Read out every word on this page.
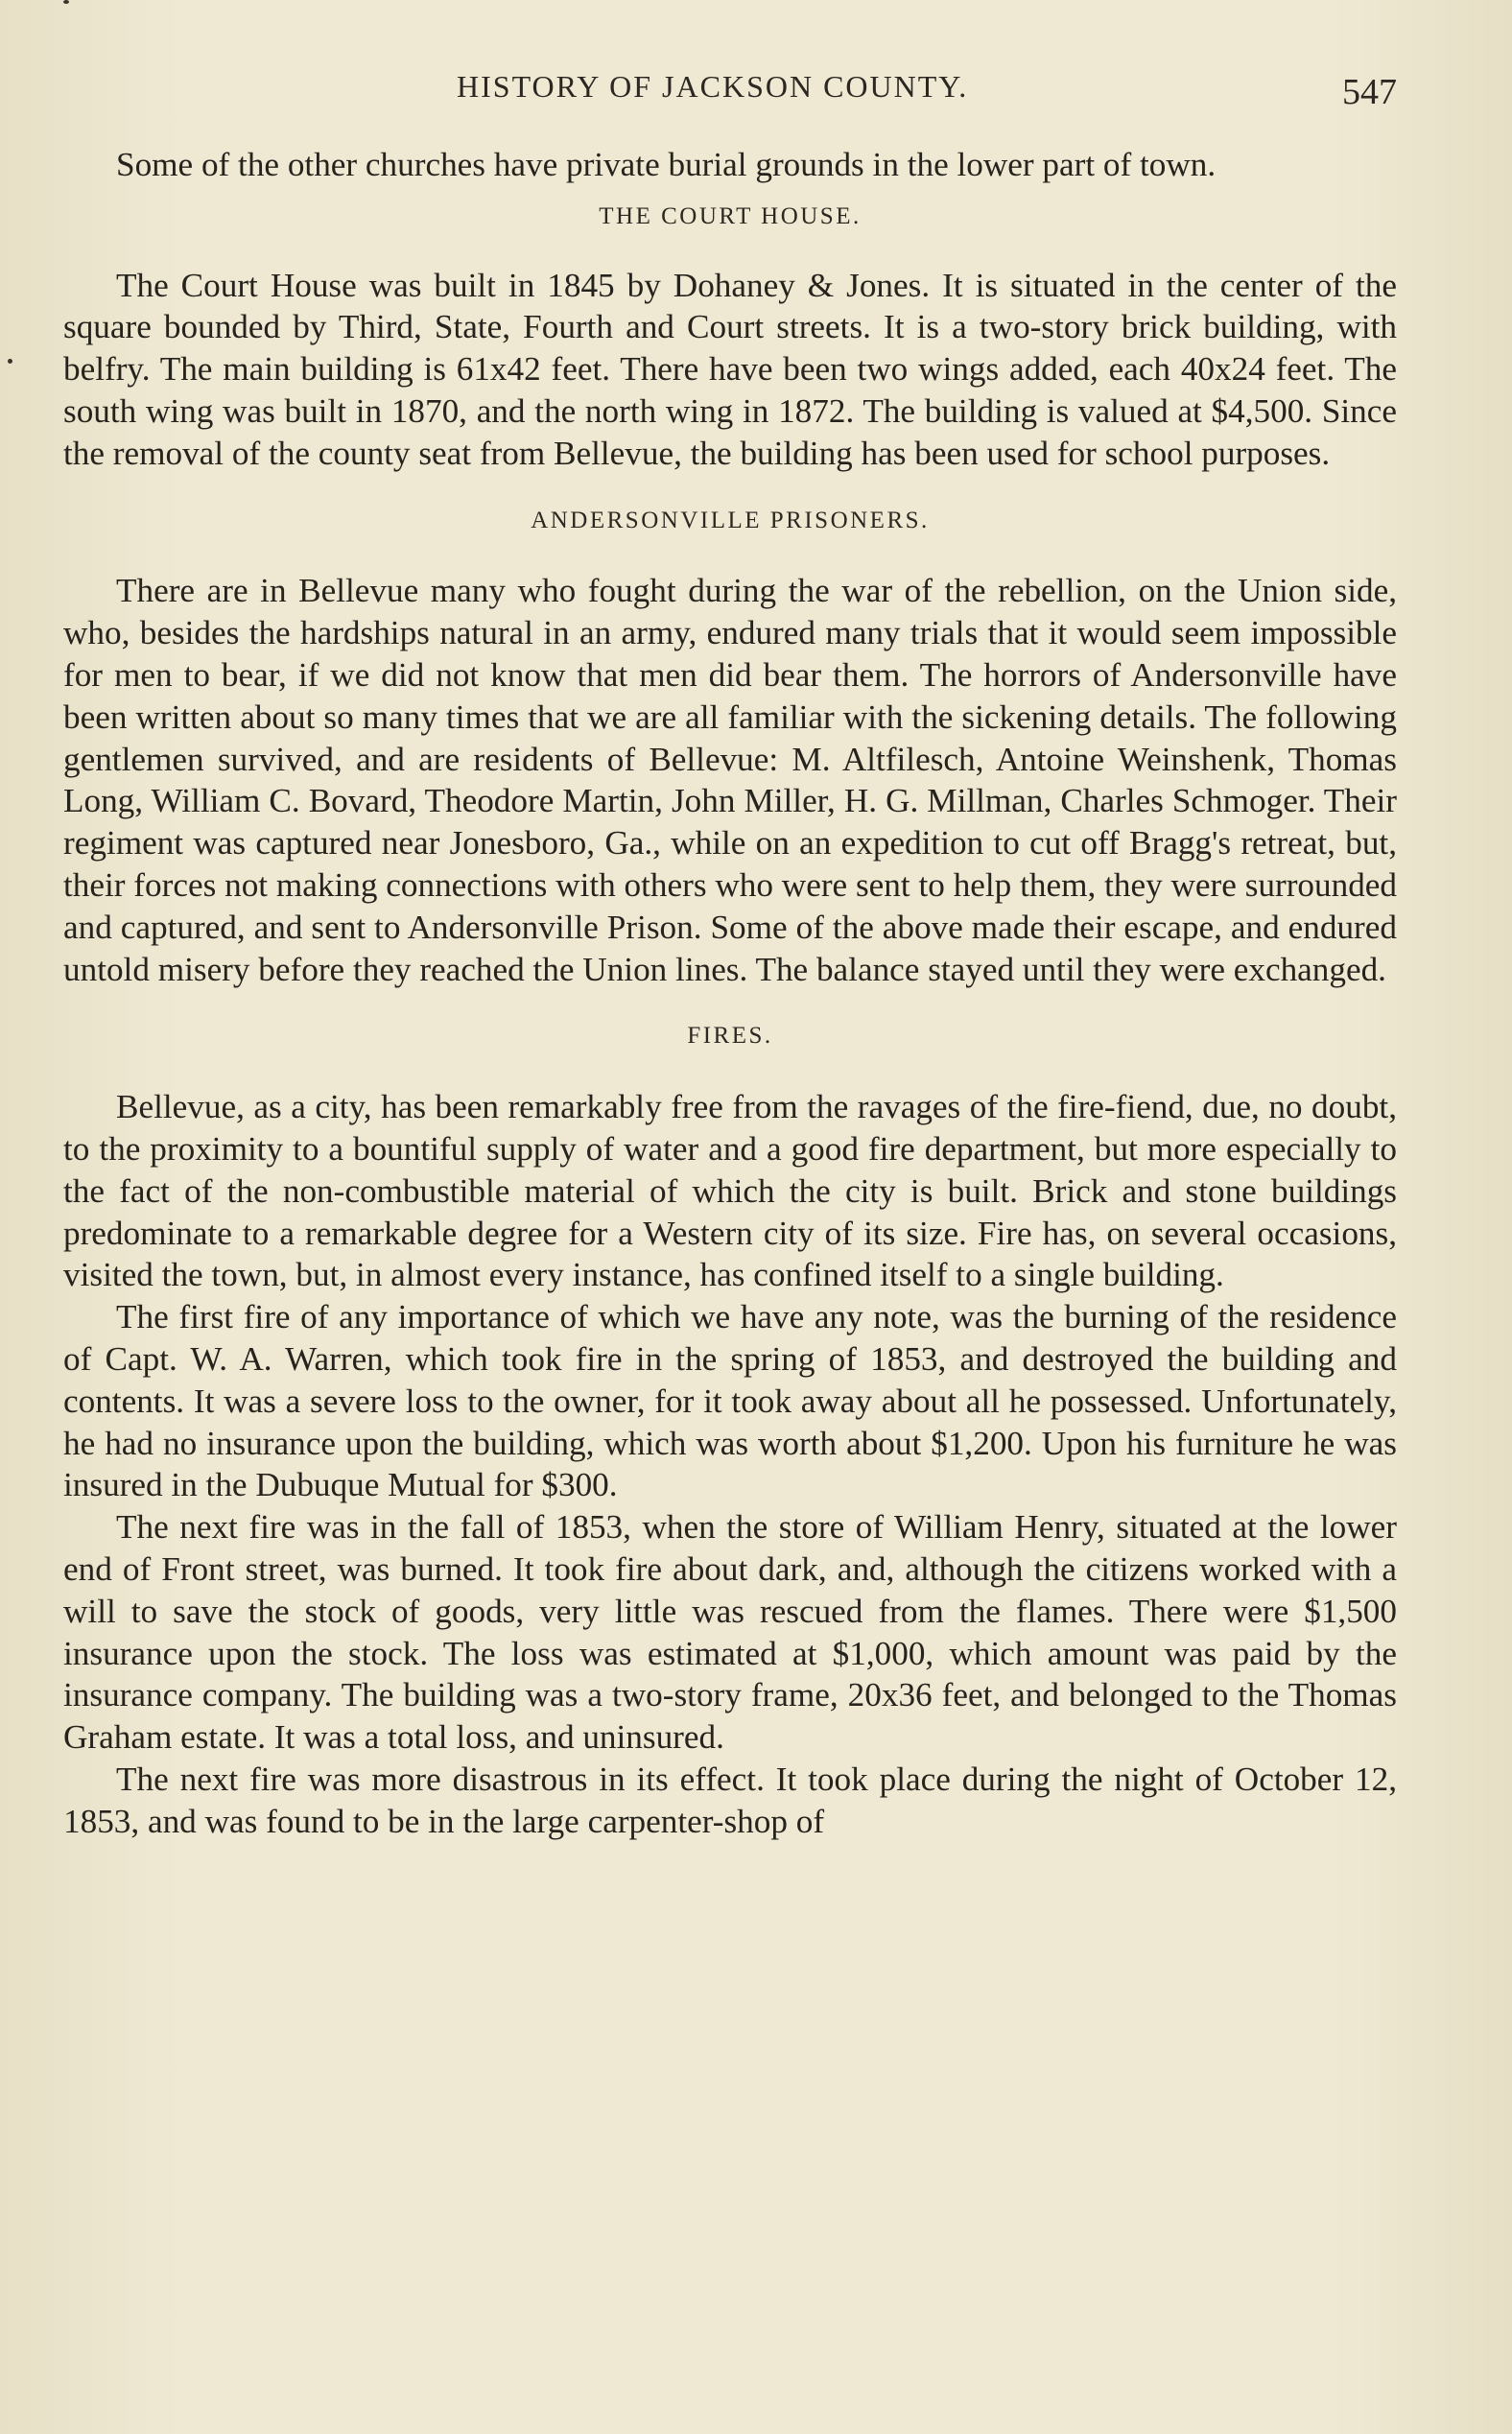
HISTORY OF JACKSON COUNTY.	547

Some of the other churches have private burial grounds in the lower part of town.

THE COURT HOUSE.

The Court House was built in 1845 by Dohaney & Jones. It is situated in the center of the square bounded by Third, State, Fourth and Court streets. It is a two-story brick building, with belfry. The main building is 61x42 feet. There have been two wings added, each 40x24 feet. The south wing was built in 1870, and the north wing in 1872. The building is valued at $4,500. Since the removal of the county seat from Bellevue, the building has been used for school purposes.

ANDERSONVILLE PRISONERS.

There are in Bellevue many who fought during the war of the rebellion, on the Union side, who, besides the hardships natural in an army, endured many trials that it would seem impossible for men to bear, if we did not know that men did bear them. The horrors of Andersonville have been written about so many times that we are all familiar with the sickening details. The following gentlemen survived, and are residents of Bellevue: M. Altfilesch, Antoine Weinshenk, Thomas Long, William C. Bovard, Theodore Martin, John Miller, H. G. Millman, Charles Schmoger. Their regiment was captured near Jonesboro, Ga., while on an expedition to cut off Bragg's retreat, but, their forces not making connections with others who were sent to help them, they were surrounded and captured, and sent to Andersonville Prison. Some of the above made their escape, and endured untold misery before they reached the Union lines. The balance stayed until they were exchanged.

FIRES.

Bellevue, as a city, has been remarkably free from the ravages of the fire-fiend, due, no doubt, to the proximity to a bountiful supply of water and a good fire department, but more especially to the fact of the non-combustible material of which the city is built. Brick and stone buildings predominate to a remarkable degree for a Western city of its size. Fire has, on several occasions, visited the town, but, in almost every instance, has confined itself to a single building.

The first fire of any importance of which we have any note, was the burning of the residence of Capt. W. A. Warren, which took fire in the spring of 1853, and destroyed the building and contents. It was a severe loss to the owner, for it took away about all he possessed. Unfortunately, he had no insurance upon the building, which was worth about $1,200. Upon his furniture he was insured in the Dubuque Mutual for $300.

The next fire was in the fall of 1853, when the store of William Henry, situated at the lower end of Front street, was burned. It took fire about dark, and, although the citizens worked with a will to save the stock of goods, very little was rescued from the flames. There were $1,500 insurance upon the stock. The loss was estimated at $1,000, which amount was paid by the insurance company. The building was a two-story frame, 20x36 feet, and belonged to the Thomas Graham estate. It was a total loss, and uninsured.

The next fire was more disastrous in its effect. It took place during the night of October 12, 1853, and was found to be in the large carpenter-shop of
